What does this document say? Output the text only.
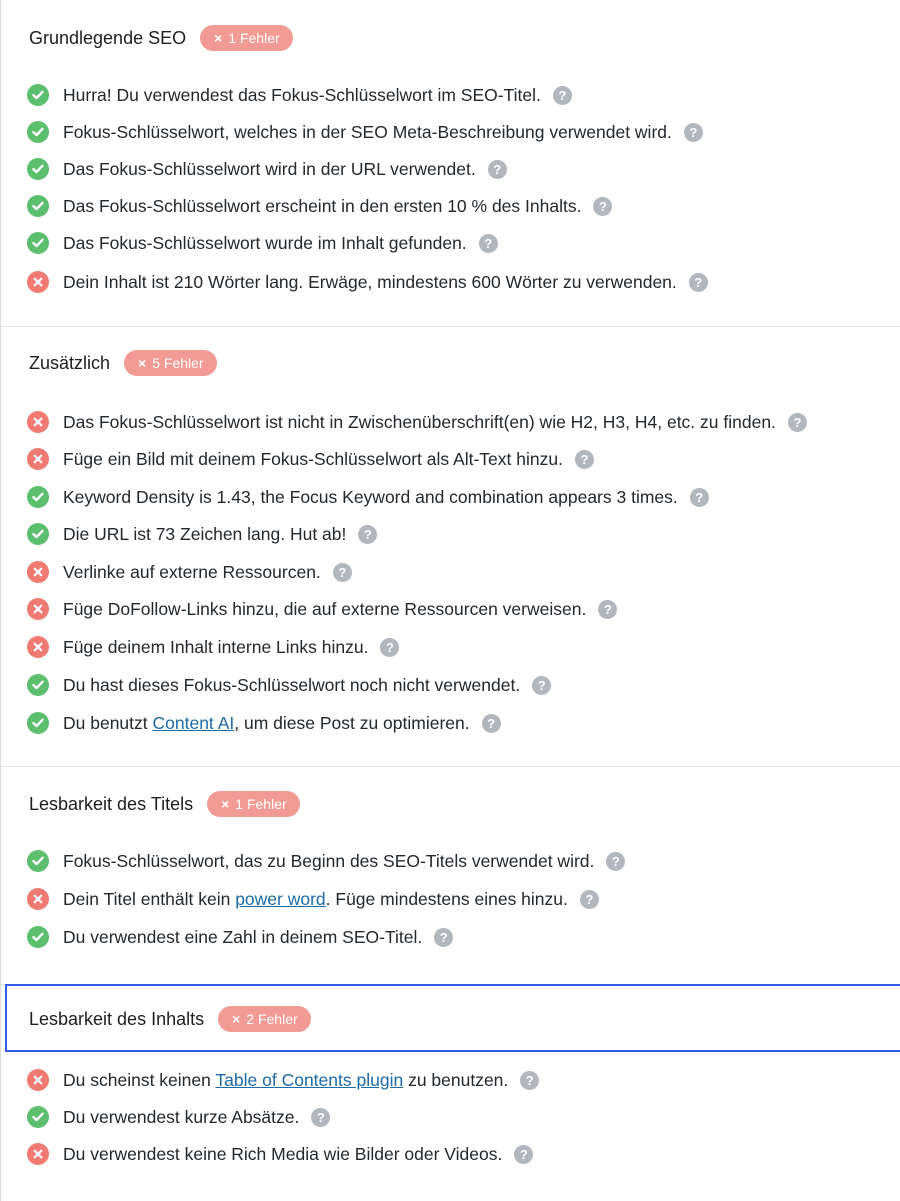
Grundlegende SEO × 1 Fehler
Hurra! Du verwendest das Fokus-Schlüsselwort im SEO-Titel.	?
Fokus-Schlüsselwort, welches in der SEO Meta-Beschreibung verwendet wird.	?
Das Fokus-Schlüsselwort wird in der URL verwendet.	?
Das Fokus-Schlüsselwort erscheint in den ersten 10 % des Inhalts.	?
Das Fokus-Schlüsselwort wurde im Inhalt gefunden.	?
Dein Inhalt ist 210 Wörter lang. Erwäge, mindestens 600 Wörter zu verwenden.	?
Zusätzlich × 5 Fehler
Das Fokus-Schlüsselwort ist nicht in Zwischenüberschrift(en) wie H2, H3, H4, etc. zu finden.	?
Füge ein Bild mit deinem Fokus-Schlüsselwort als Alt-Text hinzu.	?
Keyword Density is 1.43, the Focus Keyword and combination appears 3 times.	?
Die URL ist 73 Zeichen lang. Hut ab!	?
Verlinke auf externe Ressourcen.	?
Füge DoFollow-Links hinzu, die auf externe Ressourcen verweisen.	?
Füge deinem Inhalt interne Links hinzu.	?
Du hast dieses Fokus-Schlüsselwort noch nicht verwendet.	?
Du benutzt Content AI, um diese Post zu optimieren.	?
Lesbarkeit des Titels × 1 Fehler
Fokus-Schlüsselwort, das zu Beginn des SEO-Titels verwendet wird.	?
Dein Titel enthält kein power word. Füge mindestens eines hinzu.	?
Du verwendest eine Zahl in deinem SEO-Titel.	?
Lesbarkeit des Inhalts × 2 Fehler
Du scheinst keinen Table of Contents plugin zu benutzen.	?
Du verwendest kurze Absätze.	?
Du verwendest keine Rich Media wie Bilder oder Videos.	?
